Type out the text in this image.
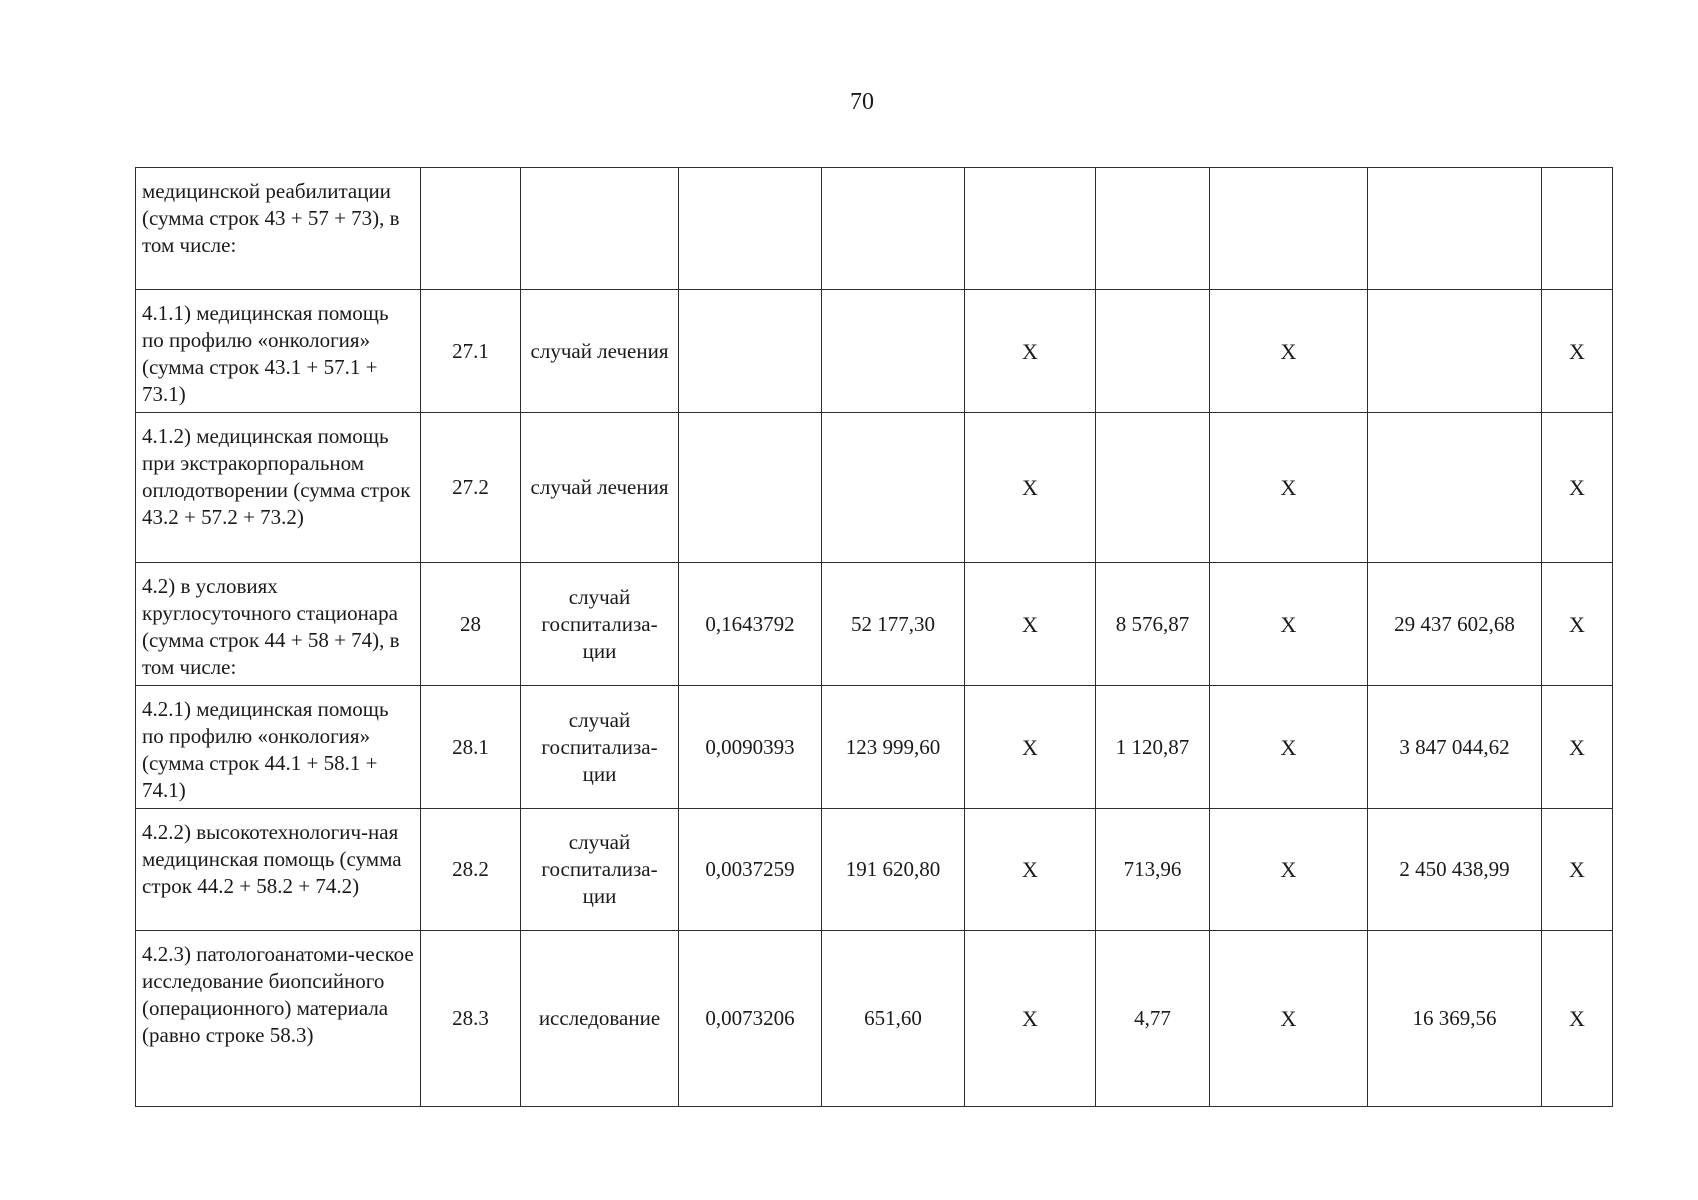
70
медицинской реабилитации (сумма строк 43 + 57 + 73), в том числе:									
4.1.1) медицинская помощь по профилю «онкология» (сумма строк 43.1 + 57.1 + 73.1)	27.1	случай лечения			X		X		X
4.1.2) медицинская помощь при экстракорпоральном оплодотворении (сумма строк 43.2 + 57.2 + 73.2)	27.2	случай лечения			X		X		X
4.2) в условиях круглосуточного стационара (сумма строк 44 + 58 + 74), в том числе:	28	случай госпитализа-ции	0,1643792	52 177,30	X	8 576,87	X	29 437 602,68	X
4.2.1) медицинская помощь по профилю «онкология» (сумма строк 44.1 + 58.1 + 74.1)	28.1	случай госпитализа-ции	0,0090393	123 999,60	X	1 120,87	X	3 847 044,62	X
4.2.2) высокотехнологич-ная медицинская помощь (сумма строк 44.2 + 58.2 + 74.2)	28.2	случай госпитализа-ции	0,0037259	191 620,80	X	713,96	X	2 450 438,99	X
4.2.3) патологоанатоми-ческое исследование биопсийного (операционного) материала (равно строке 58.3)	28.3	исследование	0,0073206	651,60	X	4,77	X	16 369,56	X
